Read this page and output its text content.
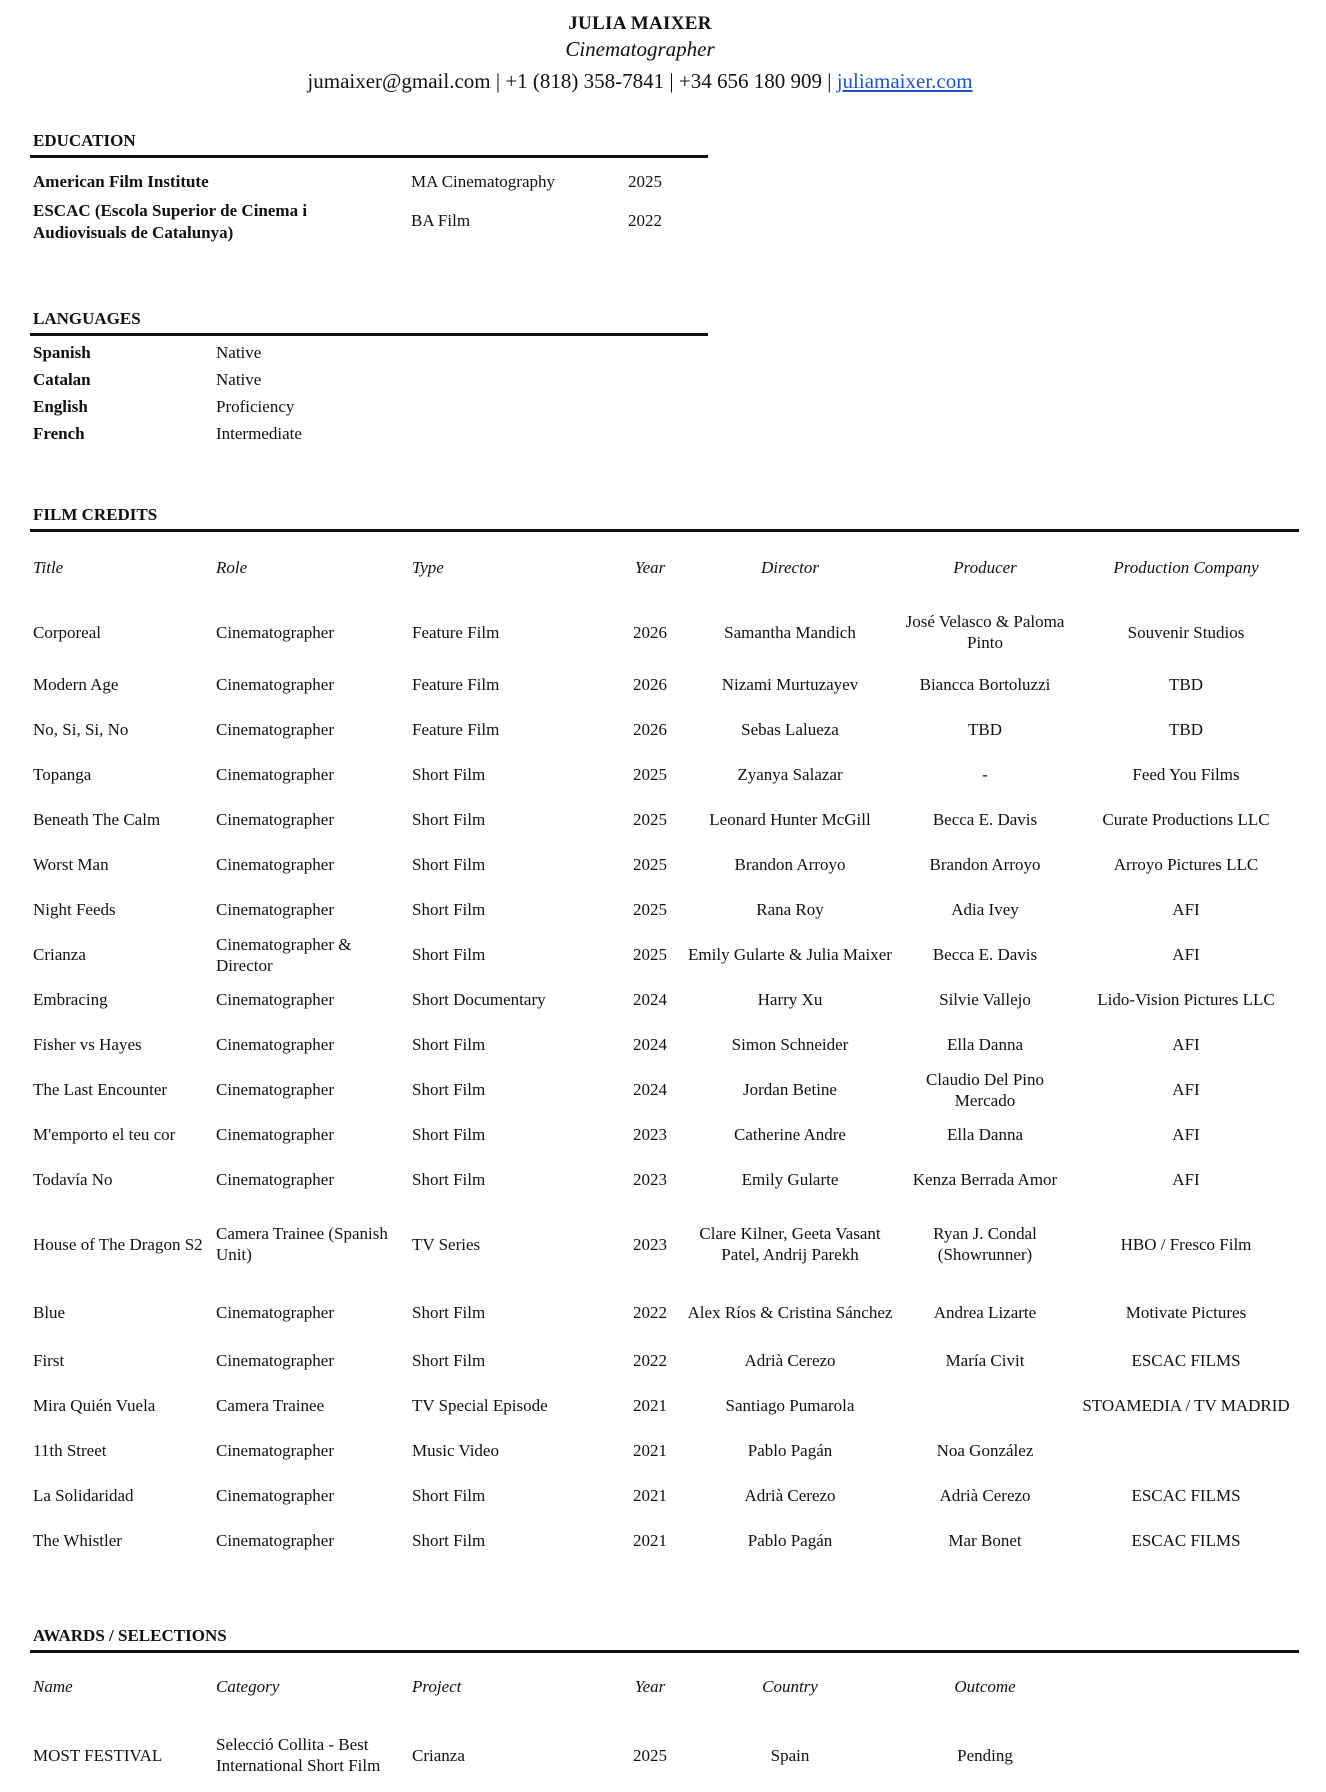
JULIA MAIXER
Cinematographer
jumaixer@gmail.com | +1 (818) 358-7841 | +34 656 180 909 | juliamaixer.com
EDUCATION
American Film Institute	MA Cinematography	2025
ESCAC (Escola Superior de Cinema i
Audiovisuals de Catalunya)
BA Film	2022
LANGUAGES
Spanish	Native
Catalan	Native
English	Proficiency
French	Intermediate
FILM CREDITS
Title	Role	Type	Year	Director	Producer	Production Company
Corporeal	Cinematographer	Feature Film	2026	Samantha Mandich	José Velasco & Paloma Pinto	Souvenir Studios
Modern Age	Cinematographer	Feature Film	2026	Nizami Murtuzayev	Biancca Bortoluzzi	TBD
No, Si, Si, No	Cinematographer	Feature Film	2026	Sebas Lalueza	TBD	TBD
Topanga	Cinematographer	Short Film	2025	Zyanya Salazar	-	Feed You Films
Beneath The Calm	Cinematographer	Short Film	2025	Leonard Hunter McGill	Becca E. Davis	Curate Productions LLC
Worst Man	Cinematographer	Short Film	2025	Brandon Arroyo	Brandon Arroyo	Arroyo Pictures LLC
Night Feeds	Cinematographer	Short Film	2025	Rana Roy	Adia Ivey	AFI
Crianza	Cinematographer & Director	Short Film	2025	Emily Gularte & Julia Maixer	Becca E. Davis	AFI
Embracing	Cinematographer	Short Documentary	2024	Harry Xu	Silvie Vallejo	Lido-Vision Pictures LLC
Fisher vs Hayes	Cinematographer	Short Film	2024	Simon Schneider	Ella Danna	AFI
The Last Encounter	Cinematographer	Short Film	2024	Jordan Betine	Claudio Del Pino Mercado	AFI
M'emporto el teu cor	Cinematographer	Short Film	2023	Catherine Andre	Ella Danna	AFI
Todavía No	Cinematographer	Short Film	2023	Emily Gularte	Kenza Berrada Amor	AFI
House of The Dragon S2	Camera Trainee (Spanish Unit)	TV Series	2023	Clare Kilner, Geeta Vasant Patel, Andrij Parekh	Ryan J. Condal (Showrunner)	HBO / Fresco Film
Blue	Cinematographer	Short Film	2022	Alex Ríos & Cristina Sánchez	Andrea Lizarte	Motivate Pictures
First	Cinematographer	Short Film	2022	Adrià Cerezo	María Civit	ESCAC FILMS
Mira Quién Vuela	Camera Trainee	TV Special Episode	2021	Santiago Pumarola		STOAMEDIA / TV MADRID
11th Street	Cinematographer	Music Video	2021	Pablo Pagán	Noa González	
La Solidaridad	Cinematographer	Short Film	2021	Adrià Cerezo	Adrià Cerezo	ESCAC FILMS
The Whistler	Cinematographer	Short Film	2021	Pablo Pagán	Mar Bonet	ESCAC FILMS
AWARDS / SELECTIONS
Name	Category	Project	Year	Country	Outcome
MOST FESTIVAL	Selecció Collita - Best International Short Film	Crianza	2025	Spain	Pending
